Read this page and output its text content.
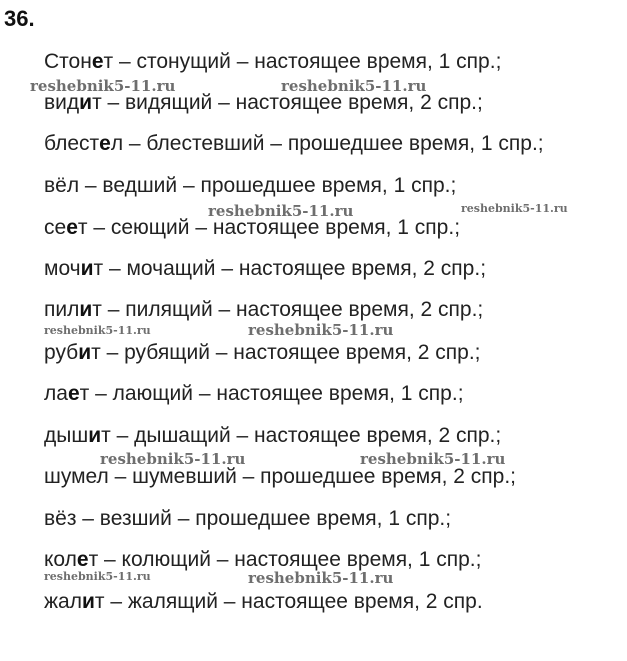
36.
Стонет – стонущий – настоящее время, 1 спр.;
видит – видящий – настоящее время, 2 спр.;
блестел – блестевший – прошедшее время, 1 спр.;
вёл – ведший – прошедшее время, 1 спр.;
сеет – сеющий – настоящее время, 1 спр.;
мочит – мочащий – настоящее время, 2 спр.;
пилит – пилящий – настоящее время, 2 спр.;
рубит – рубящий – настоящее время, 2 спр.;
лает – лающий – настоящее время, 1 спр.;
дышит – дышащий – настоящее время, 2 спр.;
шумел – шумевший – прошедшее время, 2 спр.;
вёз – везший – прошедшее время, 1 спр.;
колет – колющий – настоящее время, 1 спр.;
жалит – жалящий – настоящее время, 2 спр.
reshebnik5-11.ru	reshebnik5-11.ru
reshebnik5-11.ru	reshebnik5-11.ru
reshebnik5-11.ru	reshebnik5-11.ru
reshebnik5-11.ru	reshebnik5-11.ru
reshebnik5-11.ru	reshebnik5-11.ru
